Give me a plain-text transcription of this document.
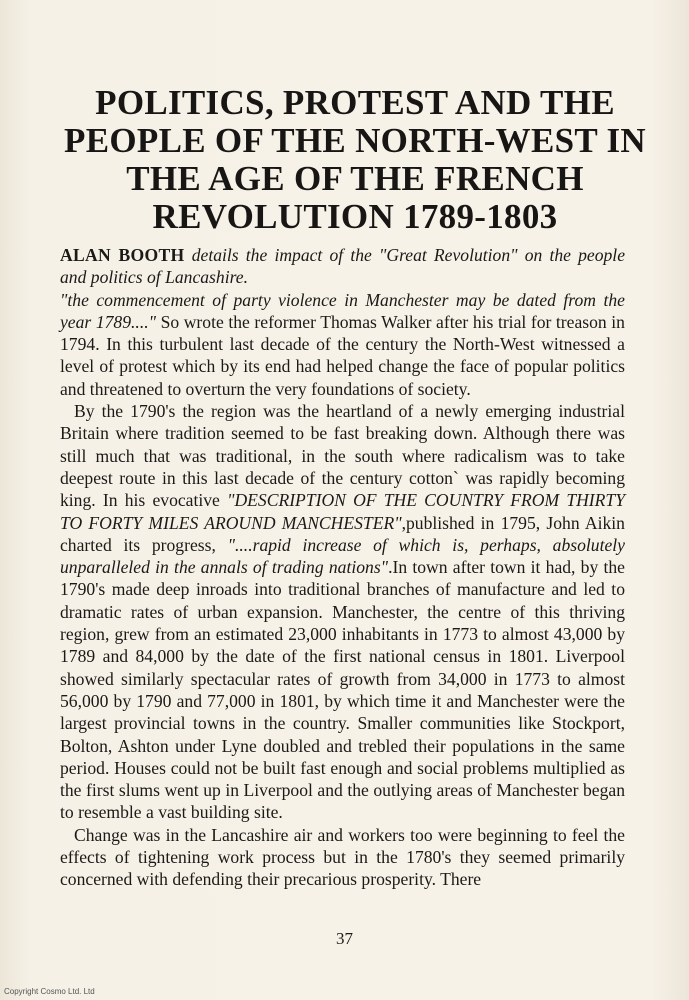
POLITICS, PROTEST AND THE
PEOPLE OF THE NORTH-WEST IN
THE AGE OF THE FRENCH
REVOLUTION 1789-1803

ALAN BOOTH details the impact of the "Great Revolution" on the people and politics of Lancashire.

"the commencement of party violence in Manchester may be dated from the year 1789...." So wrote the reformer Thomas Walker after his trial for treason in 1794. In this turbulent last decade of the century the North-West witnessed a level of protest which by its end had helped change the face of popular politics and threatened to overturn the very foundations of society.

By the 1790's the region was the heartland of a newly emerging industrial Britain where tradition seemed to be fast breaking down. Although there was still much that was traditional, in the south where radicalism was to take deepest route in this last decade of the century cotton` was rapidly becoming king. In his evocative "DESCRIPTION OF THE COUNTRY FROM THIRTY TO FORTY MILES AROUND MANCHESTER",published in 1795, John Aikin charted its progress, "....rapid increase of which is, perhaps, absolutely unparalleled in the annals of trading nations".In town after town it had, by the 1790's made deep inroads into traditional branches of manufacture and led to dramatic rates of urban expansion. Manchester, the centre of this thriving region, grew from an estimated 23,000 inhabitants in 1773 to almost 43,000 by 1789 and 84,000 by the date of the first national census in 1801. Liverpool showed similarly spectacular rates of growth from 34,000 in 1773 to almost 56,000 by 1790 and 77,000 in 1801, by which time it and Manchester were the largest provincial towns in the country. Smaller communities like Stockport, Bolton, Ashton under Lyne doubled and trebled their populations in the same period. Houses could not be built fast enough and social problems multiplied as the first slums went up in Liverpool and the outlying areas of Manchester began to resemble a vast building site.

Change was in the Lancashire air and workers too were beginning to feel the effects of tightening work process but in the 1780's they seemed primarily concerned with defending their precarious prosperity. There

37
Copyright Cosmo Ltd. Ltd
